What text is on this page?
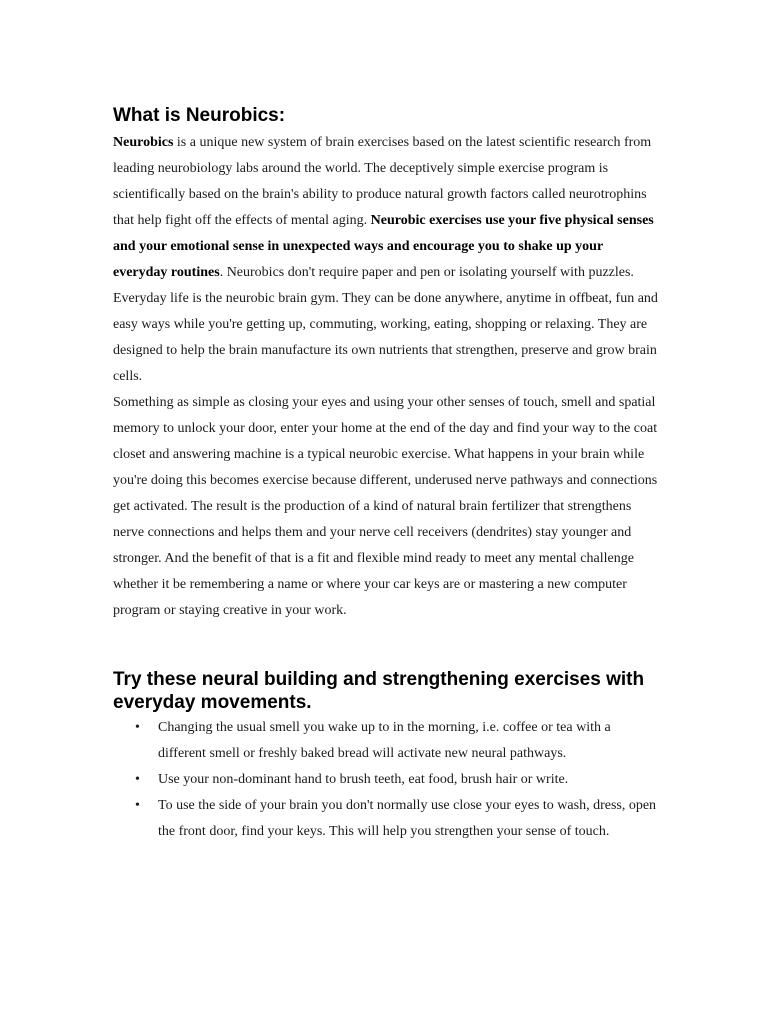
What is Neurobics:

Neurobics is a unique new system of brain exercises based on the latest scientific research from leading neurobiology labs around the world. The deceptively simple exercise program is scientifically based on the brain's ability to produce natural growth factors called neurotrophins that help fight off the effects of mental aging. Neurobic exercises use your five physical senses and your emotional sense in unexpected ways and encourage you to shake up your everyday routines. Neurobics don't require paper and pen or isolating yourself with puzzles. Everyday life is the neurobic brain gym. They can be done anywhere, anytime in offbeat, fun and easy ways while you're getting up, commuting, working, eating, shopping or relaxing. They are designed to help the brain manufacture its own nutrients that strengthen, preserve and grow brain cells.

Something as simple as closing your eyes and using your other senses of touch, smell and spatial memory to unlock your door, enter your home at the end of the day and find your way to the coat closet and answering machine is a typical neurobic exercise. What happens in your brain while you're doing this becomes exercise because different, underused nerve pathways and connections get activated. The result is the production of a kind of natural brain fertilizer that strengthens nerve connections and helps them and your nerve cell receivers (dendrites) stay younger and stronger. And the benefit of that is a fit and flexible mind ready to meet any mental challenge whether it be remembering a name or where your car keys are or mastering a new computer program or staying creative in your work.

Try these neural building and strengthening exercises with everyday movements.
• Changing the usual smell you wake up to in the morning, i.e. coffee or tea with a different smell or freshly baked bread will activate new neural pathways.
• Use your non-dominant hand to brush teeth, eat food, brush hair or write.
• To use the side of your brain you don't normally use close your eyes to wash, dress, open the front door, find your keys. This will help you strengthen your sense of touch.
